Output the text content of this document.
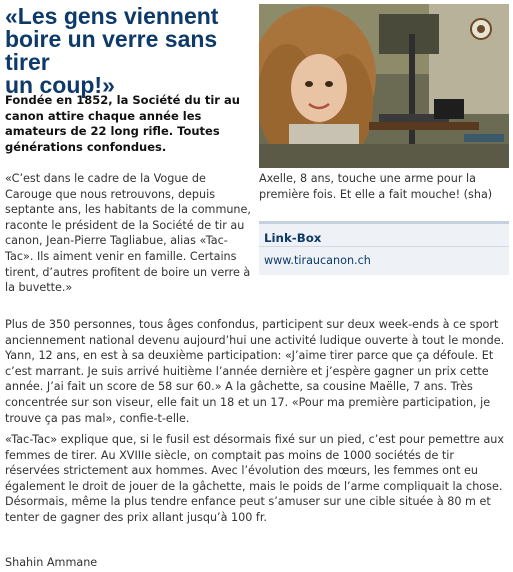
«Les gens viennent
boire un verre sans tirer
un coup!»

Fondée en 1852, la Société du tir au canon attire chaque année les amateurs de 22 long rifle. Toutes générations confondues.

«C’est dans le cadre de la Vogue de Carouge que nous retrouvons, depuis septante ans, les habitants de la commune, raconte le président de la Société de tir au canon, Jean-Pierre Tagliabue, alias «Tac-Tac». Ils aiment venir en famille. Certains tirent, d’autres profitent de boire un verre à la buvette.»

Axelle, 8 ans, touche une arme pour la première fois. Et elle a fait mouche! (sha)

Link-Box
www.tiraucanon.ch

Plus de 350 personnes, tous âges confondus, participent sur deux week-ends à ce sport anciennement national devenu aujourd’hui une activité ludique ouverte à tout le monde. Yann, 12 ans, en est à sa deuxième participation: «J’aime tirer parce que ça défoule. Et c’est marrant. Je suis arrivé huitième l’année dernière et j’espère gagner un prix cette année. J’ai fait un score de 58 sur 60.» A la gâchette, sa cousine Maëlle, 7 ans. Très concentrée sur son viseur, elle fait un 18 et un 17. «Pour ma première participation, je trouve ça pas mal», confie-t-elle.

«Tac-Tac» explique que, si le fusil est désormais fixé sur un pied, c’est pour pemettre aux femmes de tirer. Au XVIIIe siècle, on comptait pas moins de 1000 sociétés de tir réservées strictement aux hommes. Avec l’évolution des mœurs, les femmes ont eu également le droit de jouer de la gâchette, mais le poids de l’arme compliquait la chose. Désormais, même la plus tendre enfance peut s’amuser sur une cible située à 80 m et tenter de gagner des prix allant jusqu’à 100 fr.

Shahin Ammane
